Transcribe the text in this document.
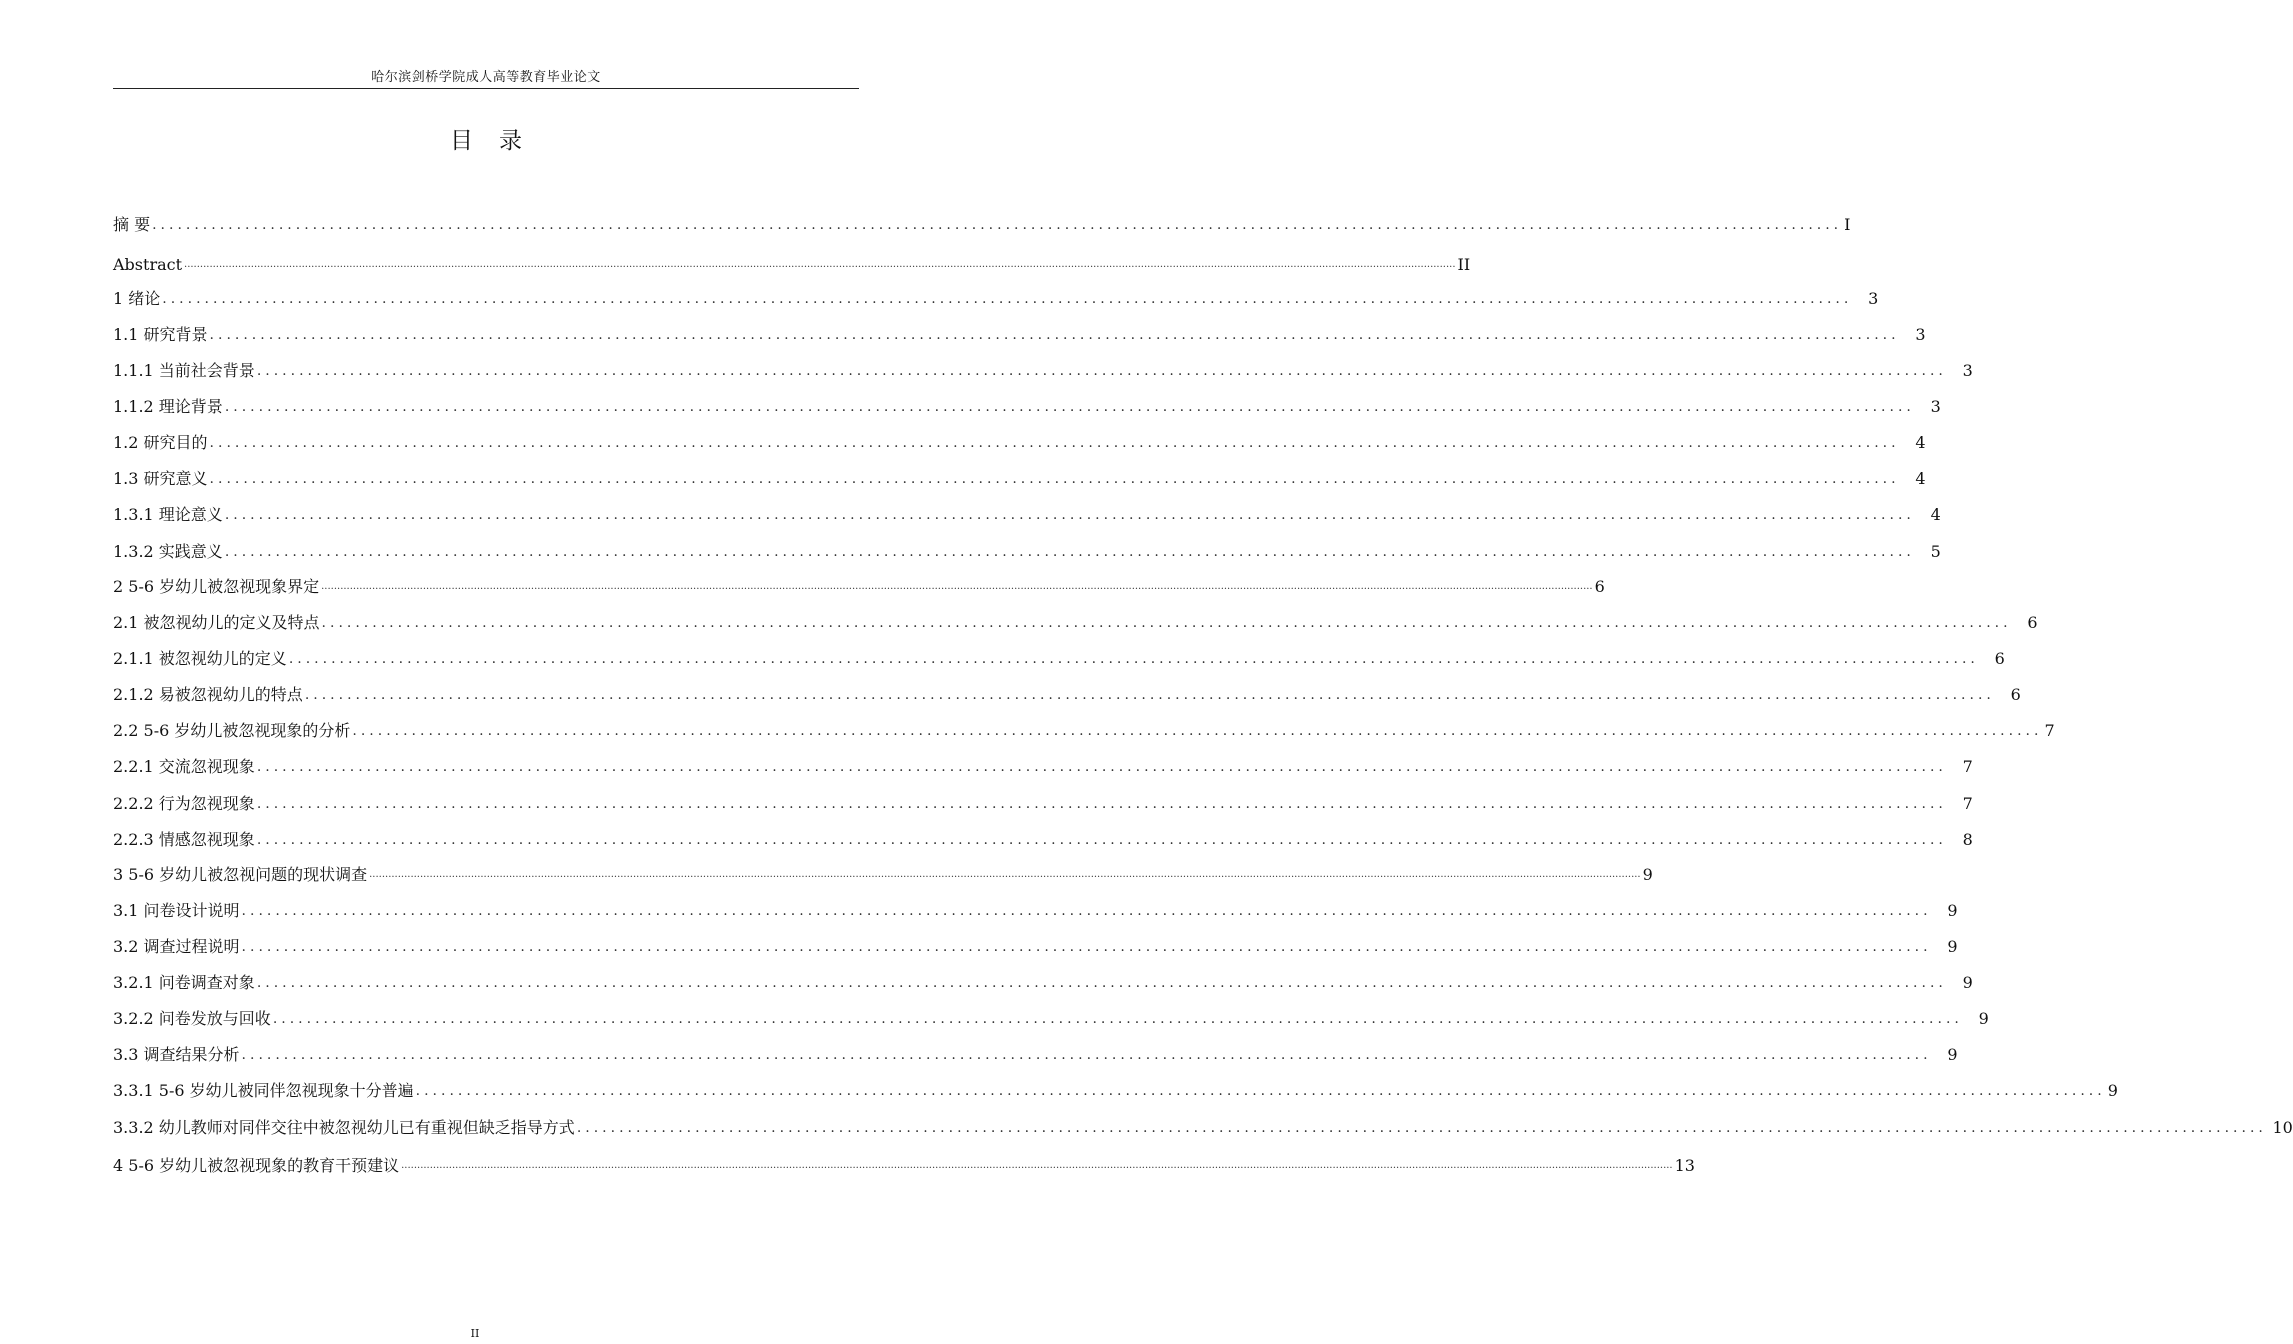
哈尔滨剑桥学院成人高等教育毕业论文
目录
摘 要 ........................................................................................................................................................................................................ I
Abstract ................................................................................................................................................................................................................................................................................................................................................................................................................ II
1 绪论 ........................................................................................................................................................................................................ 3
1.1 研究背景 ........................................................................................................................................................................................................ 3
1.1.1 当前社会背景 ........................................................................................................................................................................................................ 3
1.1.2 理论背景 ........................................................................................................................................................................................................ 3
1.2 研究目的 ........................................................................................................................................................................................................ 4
1.3 研究意义 ........................................................................................................................................................................................................ 4
1.3.1 理论意义 ........................................................................................................................................................................................................ 4
1.3.2 实践意义 ........................................................................................................................................................................................................ 5
2 5-6 岁幼儿被忽视现象界定 ................................................................................................................................................................................................................................................................................................................................................................................................................ 6
2.1 被忽视幼儿的定义及特点 ........................................................................................................................................................................................................ 6
2.1.1 被忽视幼儿的定义 ........................................................................................................................................................................................................ 6
2.1.2 易被忽视幼儿的特点 ........................................................................................................................................................................................................ 6
2.2 5-6 岁幼儿被忽视现象的分析 ........................................................................................................................................................................................................ 7
2.2.1 交流忽视现象 ........................................................................................................................................................................................................ 7
2.2.2 行为忽视现象 ........................................................................................................................................................................................................ 7
2.2.3 情感忽视现象 ........................................................................................................................................................................................................ 8
3 5-6 岁幼儿被忽视问题的现状调查 ................................................................................................................................................................................................................................................................................................................................................................................................................ 9
3.1 问卷设计说明 ........................................................................................................................................................................................................ 9
3.2 调查过程说明 ........................................................................................................................................................................................................ 9
3.2.1 问卷调查对象 ........................................................................................................................................................................................................ 9
3.2.2 问卷发放与回收 ........................................................................................................................................................................................................ 9
3.3 调查结果分析 ........................................................................................................................................................................................................ 9
3.3.1 5-6 岁幼儿被同伴忽视现象十分普遍 ........................................................................................................................................................................................................ 9
3.3.2 幼儿教师对同伴交往中被忽视幼儿已有重视但缺乏指导方式 ........................................................................................................................................................................................................ 10
4 5-6 岁幼儿被忽视现象的教育干预建议 ................................................................................................................................................................................................................................................................................................................................................................................................................ 13
II
